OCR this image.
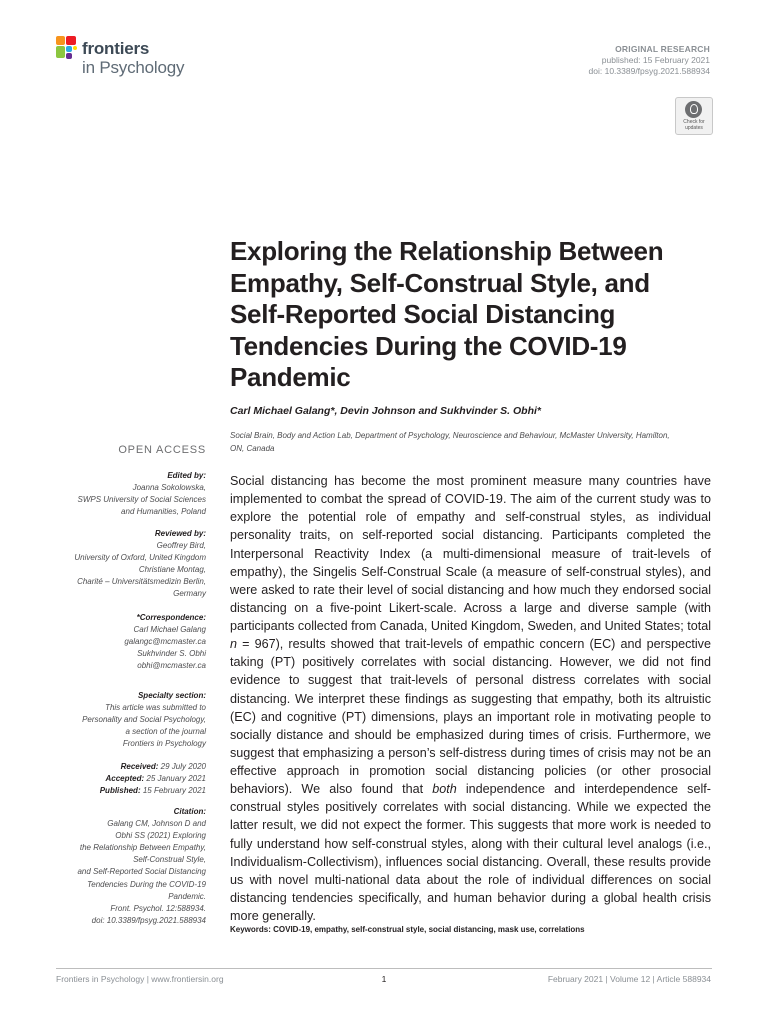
frontiers
in Psychology
ORIGINAL RESEARCH
published: 15 February 2021
doi: 10.3389/fpsyg.2021.588934
Check for
updates
Exploring the Relationship Between
Empathy, Self-Construal Style, and
Self-Reported Social Distancing
Tendencies During the COVID-19
Pandemic
Carl Michael Galang*, Devin Johnson and Sukhvinder S. Obhi*
Social Brain, Body and Action Lab, Department of Psychology, Neuroscience and Behaviour, McMaster University, Hamilton,
ON, Canada
OPEN ACCESS
Edited by:
Joanna Sokolowska,
SWPS University of Social Sciences
and Humanities, Poland
Reviewed by:
Geoffrey Bird,
University of Oxford, United Kingdom
Christiane Montag,
Charité – Universitätsmedizin Berlin,
Germany
*Correspondence:
Carl Michael Galang
galangc@mcmaster.ca
Sukhvinder S. Obhi
obhi@mcmaster.ca
Specialty section:
This article was submitted to
Personality and Social Psychology,
a section of the journal
Frontiers in Psychology
Received: 29 July 2020
Accepted: 25 January 2021
Published: 15 February 2021
Citation:
Galang CM, Johnson D and
Obhi SS (2021) Exploring
the Relationship Between Empathy,
Self-Construal Style,
and Self-Reported Social Distancing
Tendencies During the COVID-19
Pandemic.
Front. Psychol. 12:588934.
doi: 10.3389/fpsyg.2021.588934
Social distancing has become the most prominent measure many countries have implemented to combat the spread of COVID-19. The aim of the current study was to explore the potential role of empathy and self-construal styles, as individual personality traits, on self-reported social distancing. Participants completed the Interpersonal Reactivity Index (a multi-dimensional measure of trait-levels of empathy), the Singelis Self-Construal Scale (a measure of self-construal styles), and were asked to rate their level of social distancing and how much they endorsed social distancing on a five-point Likert-scale. Across a large and diverse sample (with participants collected from Canada, United Kingdom, Sweden, and United States; total n = 967), results showed that trait-levels of empathic concern (EC) and perspective taking (PT) positively correlates with social distancing. However, we did not find evidence to suggest that trait-levels of personal distress correlates with social distancing. We interpret these findings as suggesting that empathy, both its altruistic (EC) and cognitive (PT) dimensions, plays an important role in motivating people to socially distance and should be emphasized during times of crisis. Furthermore, we suggest that emphasizing a person’s self-distress during times of crisis may not be an effective approach in promotion social distancing policies (or other prosocial behaviors). We also found that both independence and interdependence self-construal styles positively correlates with social distancing. While we expected the latter result, we did not expect the former. This suggests that more work is needed to fully understand how self-construal styles, along with their cultural level analogs (i.e., Individualism-Collectivism), influences social distancing. Overall, these results provide us with novel multi-national data about the role of individual differences on social distancing tendencies specifically, and human behavior during a global health crisis more generally.
Keywords: COVID-19, empathy, self-construal style, social distancing, mask use, correlations
Frontiers in Psychology | www.frontiersin.org	1	February 2021 | Volume 12 | Article 588934
